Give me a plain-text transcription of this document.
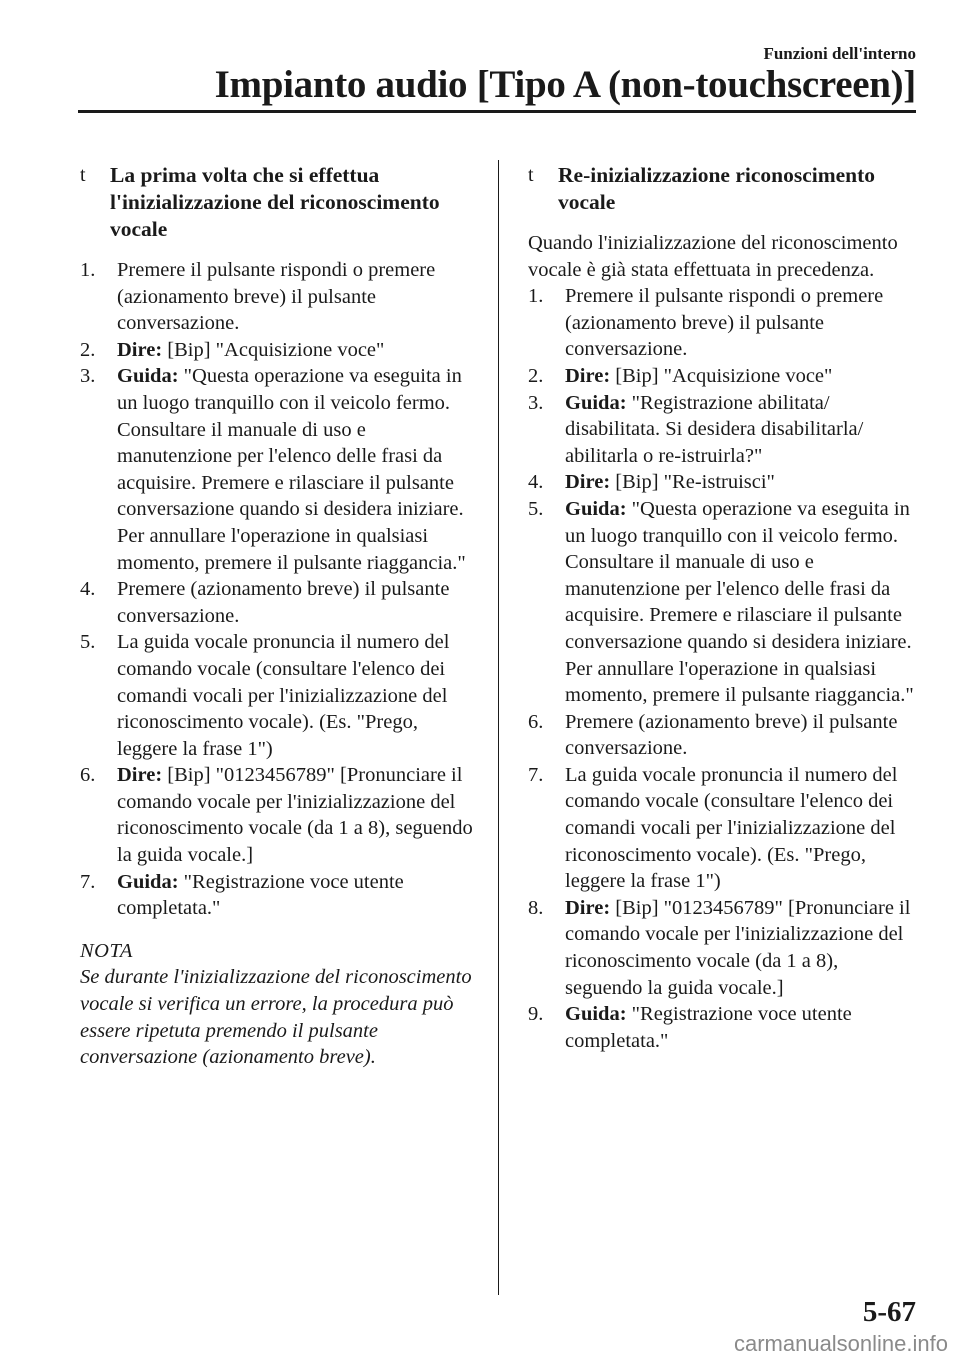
Funzioni dell'interno
Impianto audio [Tipo A (non-touchscreen)]
t La prima volta che si effettua l'inizializzazione del riconoscimento vocale
1.	Premere il pulsante rispondi o premere (azionamento breve) il pulsante conversazione.
2.	Dire: [Bip] "Acquisizione voce"
3.	Guida: "Questa operazione va eseguita in un luogo tranquillo con il veicolo fermo. Consultare il manuale di uso e manutenzione per l'elenco delle frasi da acquisire. Premere e rilasciare il pulsante conversazione quando si desidera iniziare. Per annullare l'operazione in qualsiasi momento, premere il pulsante riaggancia."
4.	Premere (azionamento breve) il pulsante conversazione.
5.	La guida vocale pronuncia il numero del comando vocale (consultare l'elenco dei comandi vocali per l'inizializzazione del riconoscimento vocale). (Es. "Prego, leggere la frase 1")
6.	Dire: [Bip] "0123456789" [Pronunciare il comando vocale per l'inizializzazione del riconoscimento vocale (da 1 a 8), seguendo la guida vocale.]
7.	Guida: "Registrazione voce utente completata."
NOTA
Se durante l'inizializzazione del riconoscimento vocale si verifica un errore, la procedura può essere ripetuta premendo il pulsante conversazione (azionamento breve).
t Re-inizializzazione riconoscimento vocale

Quando l'inizializzazione del riconoscimento vocale è già stata effettuata in precedenza.

1.	Premere il pulsante rispondi o premere (azionamento breve) il pulsante conversazione.
2.	Dire: [Bip] "Acquisizione voce"
3.	Guida: "Registrazione abilitata/ disabilitata. Si desidera disabilitarla/ abilitarla o re-istruirla?"
4.	Dire: [Bip] "Re-istruisci"
5.	Guida: "Questa operazione va eseguita in un luogo tranquillo con il veicolo fermo. Consultare il manuale di uso e manutenzione per l'elenco delle frasi da acquisire. Premere e rilasciare il pulsante conversazione quando si desidera iniziare. Per annullare l'operazione in qualsiasi momento, premere il pulsante riaggancia."
6.	Premere (azionamento breve) il pulsante conversazione.
7.	La guida vocale pronuncia il numero del comando vocale (consultare l'elenco dei comandi vocali per l'inizializzazione del riconoscimento vocale). (Es. "Prego, leggere la frase 1")
8.	Dire: [Bip] "0123456789" [Pronunciare il comando vocale per l'inizializzazione del riconoscimento vocale (da 1 a 8), seguendo la guida vocale.]
9.	Guida: "Registrazione voce utente completata."
5-67
carmanualsonline.info
